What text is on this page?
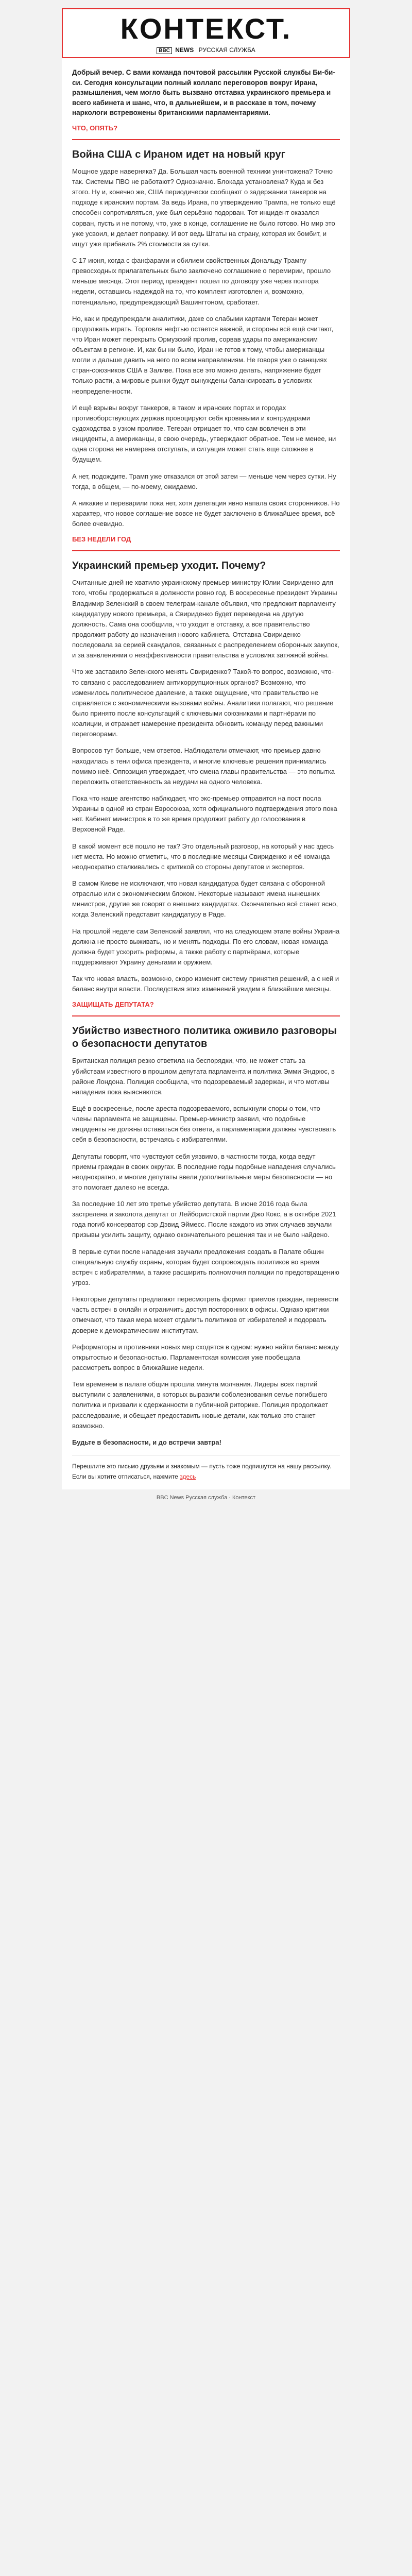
КОНТЕКСТ.
BBC NEWS РУССКАЯ СЛУЖБА
Добрый вечер. С вами команда почтовой рассылки Русской службы Би-би-си. Сегодня консультации полный коллапс переговоров вокруг Ирана, размышления, чем могло быть вызвано отставка украинского премьера и всего кабинета и шанс, что, в дальнейшем, и в рассказе в том, почему наркологи встревожены британскими парламентариями.
ЧТО, ОПЯТЬ?
Война США с Ираном идет на новый круг

Мощное ударе наверняка? Да. Большая часть военной техники уничтожена? Точно так. Системы ПВО не работают? Однозначно. Блокада установлена? Куда ж без этого. Ну и, конечно же, США периодически сообщают о задержании танкеров на подходе к иранским портам. За ведь Ирана, по утверждению Трампа, не только ещё способен сопротивляться, уже был серьёзно подорван. Тот инцидент оказался сорван, пусть и не потому, что, уже в конце, соглашение не было готово. Но мир это уже усвоил, и делает поправку. И вот ведь Штаты на страну, которая их бомбит, и ищут уже прибавить 2% стоимости за сутки.

С 17 июня, когда с фанфарами и обилием свойственных Дональду Трампу превосходных прилагательных было заключено соглашение о перемирии, прошло меньше месяца. Этот период президент пошел по договору уже через полтора недели, оставшись надеждой на то, что комплект изготовлен и, возможно, потенциально, предупреждающий Вашингтоном, сработает.

Но, как и предупреждали аналитики, даже со слабыми картами Тегеран может продолжать играть. Торговля нефтью остается важной, и стороны всё ещё считают, что Иран может перекрыть Ормузский пролив, сорвав удары по американским объектам в регионе. И, как бы ни было, Иран не готов к тому, чтобы американцы могли и дальше давить на него по всем направлениям. Не говоря уже о санкциях стран-союзников США в Заливе. Пока все это можно делать, напряжение будет только расти, а мировые рынки будут вынуждены балансировать в условиях неопределенности.

И ещё взрывы вокруг танкеров, в таком и иранских портах и городах противоборствующих держав провоцируют себя кровавыми и контрударами судоходства в узком проливе. Тегеран отрицает то, что сам вовлечен в эти инциденты, а американцы, в свою очередь, утверждают обратное. Тем не менее, ни одна сторона не намерена отступать, и ситуация может стать еще сложнее в будущем.

А нет, подождите. Трамп уже отказался от этой затеи — меньше чем через сутки. Ну тогда, в общем, — по-моему, ожидаемо.

А никакие и переварили пока нет, хотя делегация явно напала своих сторонников. Но характер, что новое соглашение вовсе не будет заключено в ближайшее время, всё более очевидно.

БЕЗ НЕДЕЛИ ГОД
Украинский премьер уходит. Почему?

Считанные дней не хватило украинскому премьер-министру Юлии Свириденко для того, чтобы продержаться в должности ровно год. В воскресенье президент Украины Владимир Зеленский в своем телеграм-канале объявил, что предложит парламенту кандидатуру нового премьера, а Свириденко будет переведена на другую должность. Сама она сообщила, что уходит в отставку, а все правительство продолжит работу до назначения нового кабинета. Отставка Свириденко последовала за серией скандалов, связанных с распределением оборонных закупок, и за заявлениями о неэффективности правительства в условиях затяжной войны.

Что же заставило Зеленского менять Свириденко? Такой-то вопрос, возможно, что-то связано с расследованием антикоррупционных органов? Возможно, что изменилось политическое давление, а также ощущение, что правительство не справляется с экономическими вызовами войны. Аналитики полагают, что решение было принято после консультаций с ключевыми союзниками и партнёрами по коалиции, и отражает намерение президента обновить команду перед важными переговорами.

Вопросов тут больше, чем ответов. Наблюдатели отмечают, что премьер давно находилась в тени офиса президента, и многие ключевые решения принимались помимо неё. Оппозиция утверждает, что смена главы правительства — это попытка переложить ответственность за неудачи на одного человека.

Пока что наше агентство наблюдает, что экс-премьер отправится на пост посла Украины в одной из стран Евросоюза, хотя официального подтверждения этого пока нет. Кабинет министров в то же время продолжит работу до голосования в Верховной Раде.

В какой момент всё пошло не так? Это отдельный разговор, на который у нас здесь нет места. Но можно отметить, что в последние месяцы Свириденко и её команда неоднократно сталкивались с критикой со стороны депутатов и экспертов.

В самом Киеве не исключают, что новая кандидатура будет связана с оборонной отраслью или с экономическим блоком. Некоторые называют имена нынешних министров, другие же говорят о внешних кандидатах. Окончательно всё станет ясно, когда Зеленский представит кандидатуру в Раде.

На прошлой неделе сам Зеленский заявлял, что на следующем этапе войны Украина должна не просто выживать, но и менять подходы. По его словам, новая команда должна будет ускорить реформы, а также работу с партнёрами, которые поддерживают Украину деньгами и оружием.

Так что новая власть, возможно, скоро изменит систему принятия решений, а с ней и баланс внутри власти. Последствия этих изменений увидим в ближайшие месяцы.

ЗАЩИЩАТЬ ДЕПУТАТА?
Убийство известного политика оживило разговоры о безопасности депутатов

Британская полиция резко ответила на беспорядки, что, не может стать за убийствам известного в прошлом депутата парламента и политика Эмми Эндрюс, в районе Лондона. Полиция сообщила, что подозреваемый задержан, и что мотивы нападения пока выясняются.

Ещё в воскресенье, после ареста подозреваемого, вспыхнули споры о том, что члены парламента не защищены. Премьер-министр заявил, что подобные инциденты не должны оставаться без ответа, а парламентарии должны чувствовать себя в безопасности, встречаясь с избирателями.

Депутаты говорят, что чувствуют себя уязвимо, в частности тогда, когда ведут приемы граждан в своих округах. В последние годы подобные нападения случались неоднократно, и многие депутаты ввели дополнительные меры безопасности — но это помогает далеко не всегда.

За последние 10 лет это третье убийство депутата. В июне 2016 года была застрелена и заколота депутат от Лейбористской партии Джо Кокс, а в октябре 2021 года погиб консерватор сэр Дэвид Эймесс. После каждого из этих случаев звучали призывы усилить защиту, однако окончательного решения так и не было найдено.

В первые сутки после нападения звучали предложения создать в Палате общин специальную службу охраны, которая будет сопровождать политиков во время встреч с избирателями, а также расширить полномочия полиции по предотвращению угроз.

Некоторые депутаты предлагают пересмотреть формат приемов граждан, перевести часть встреч в онлайн и ограничить доступ посторонних в офисы. Однако критики отмечают, что такая мера может отдалить политиков от избирателей и подорвать доверие к демократическим институтам.

Реформаторы и противники новых мер сходятся в одном: нужно найти баланс между открытостью и безопасностью. Парламентская комиссия уже пообещала рассмотреть вопрос в ближайшие недели.

Тем временем в палате общин прошла минута молчания. Лидеры всех партий выступили с заявлениями, в которых выразили соболезнования семье погибшего политика и призвали к сдержанности в публичной риторике. Полиция продолжает расследование, и обещает предоставить новые детали, как только это станет возможно.

Будьте в безопасности, и до встречи завтра!

Перешлите это письмо друзьям и знакомым — пусть тоже подпишутся на нашу рассылку.
Если вы хотите отписаться, нажмите здесь
BBC News Русская служба · Контекст
